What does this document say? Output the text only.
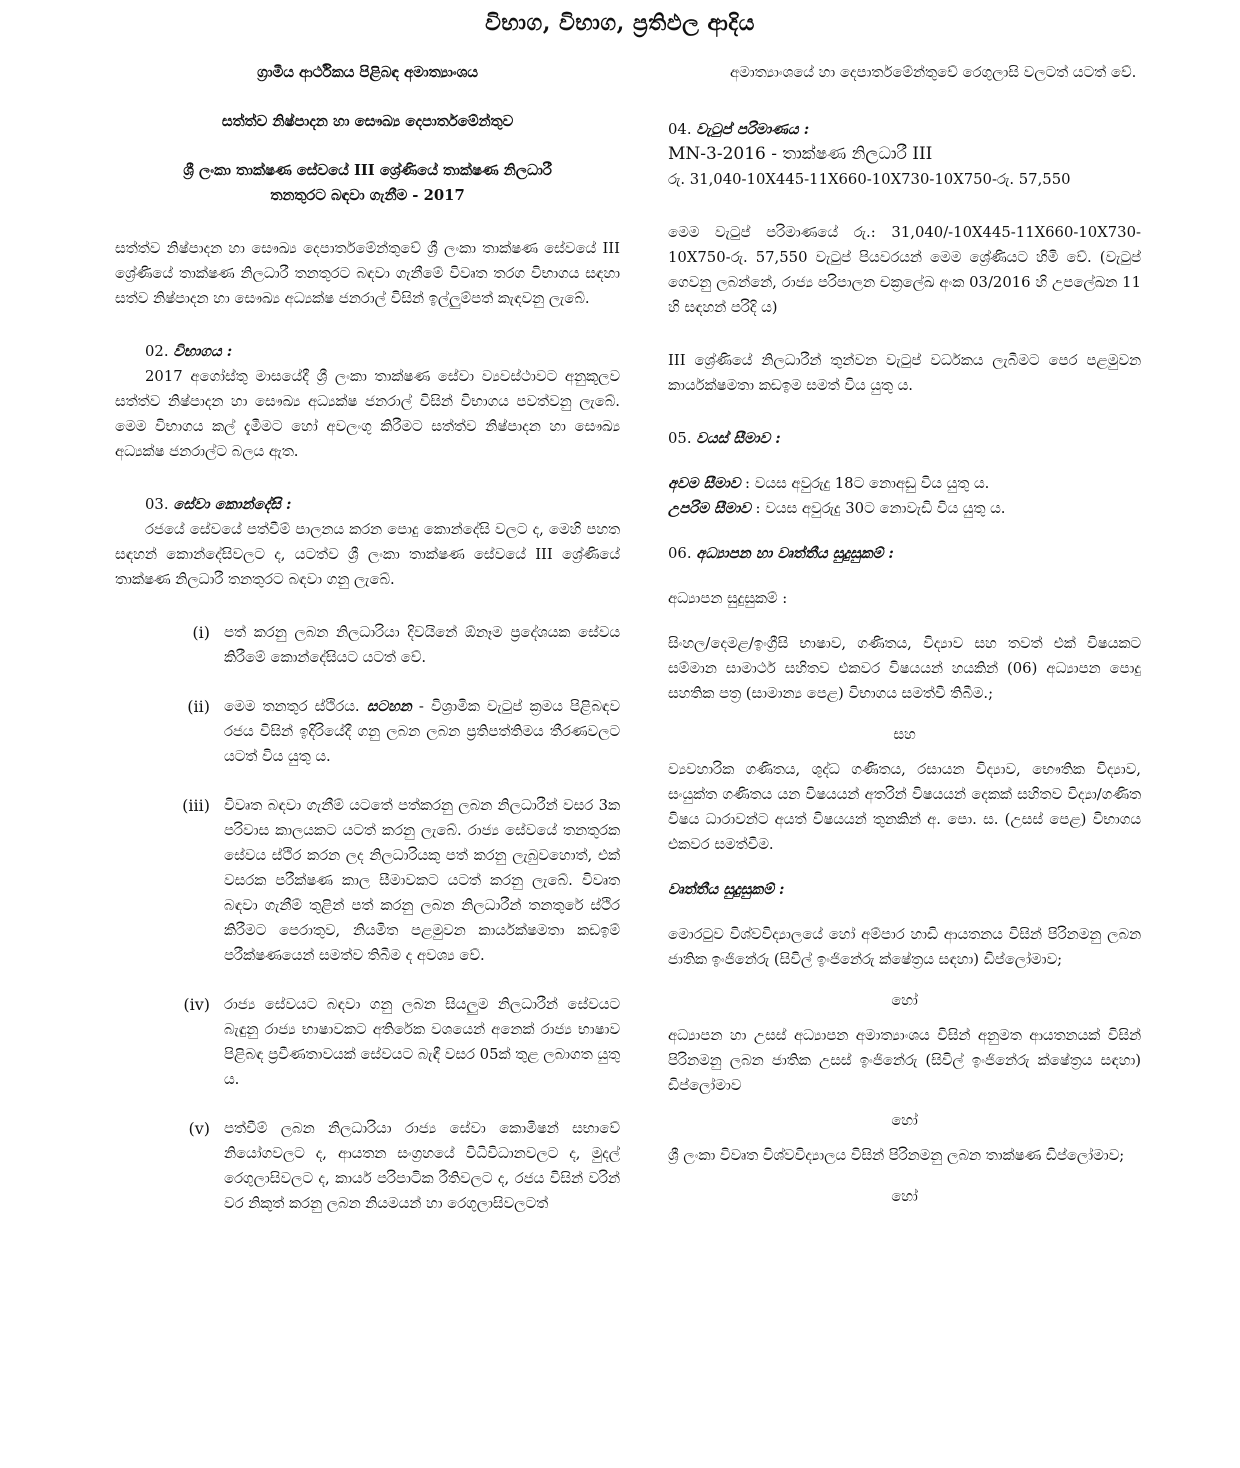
විභාග, විභාග, ප්‍රතිඵල ආදිය

ග්‍රාමීය ආර්ථිකය පිළිබඳ අමාත්‍යාංශය

සත්ත්ව නිෂ්පාදන හා සෞඛ්‍ය දෙපාර්තමේන්තුව

ශ්‍රී ලංකා තාක්ෂණ සේවයේ III ශ්‍රේණියේ තාක්ෂණ නිලධාරී

තනතුරට බඳවා ගැනීම - 2017

සත්ත්ව නිෂ්පාදන හා සෞඛ්‍ය දෙපාර්තමේන්තුවේ ශ්‍රී ලංකා තාක්ෂණ සේවයේ III ශ්‍රේණියේ තාක්ෂණ නිලධාරී තනතුරට බඳවා ගැනීමේ විවෘත තරග විභාගය සඳහා සත්ව නිෂ්පාදන හා සෞඛ්‍ය අධ්‍යක්ෂ ජනරාල් විසින් ඉල්ලුම්පත් කැඳවනු ලැබේ.

02. විභාගය :

2017 අගෝස්තු මාසයේදී ශ්‍රී ලංකා තාක්ෂණ සේවා ව්‍යවස්ථාවට අනුකූලව සත්ත්ව නිෂ්පාදන හා සෞඛ්‍ය අධ්‍යක්ෂ ජනරාල් විසින් විභාගය පවත්වනු ලැබේ. මෙම විභාගය කල් දැමීමට හෝ අවලංගු කිරීමට සත්ත්ව නිෂ්පාදන හා සෞඛ්‍ය අධ්‍යක්ෂ ජනරාල්ට බලය ඇත.

03. සේවා කොන්දේසි :

රජයේ සේවයේ පත්වීම් පාලනය කරන පොදු කොන්දේසි වලට ද, මෙහි පහත සඳහන් කොන්දේසිවලට ද, යටත්ව ශ්‍රී ලංකා තාක්ෂණ සේවයේ III ශ්‍රේණියේ තාක්ෂණ නිලධාරී තනතුරට බඳවා ගනු ලැබේ.

(i) පත් කරනු ලබන නිලධාරියා දිවයිනේ ඕනෑම ප්‍රදේශයක සේවය කිරීමේ කොන්දේසියට යටත් වේ.

(ii) මෙම තනතුර ස්ථිරය. සටහන - විශ්‍රාමික වැටුප් ක්‍රමය පිළිබඳව රජය විසින් ඉදිරියේදී ගනු ලබන ලබන ප්‍රතිපත්තිමය තීරණවලට යටත් විය යුතු ය.

(iii) විවෘත බඳවා ගැනීම් යටතේ පත්කරනු ලබන නිලධාරීන් වසර 3ක පරිවාස කාලයකට යටත් කරනු ලැබේ. රාජ්‍ය සේවයේ තනතුරක සේවය ස්ථිර කරන ලද නිලධාරියකු පත් කරනු ලැබුවහොත්, එක් වසරක පරීක්ෂණ කාල සීමාවකට යටත් කරනු ලැබේ. විවෘත බඳවා ගැනීම් තුළින් පත් කරනු ලබන නිලධාරීන් තනතුරේ ස්ථිර කිරීමට පෙරාතුව, නියමිත පළමුවන කාර්යක්ෂමතා කඩඉම් පරීක්ෂණයෙන් සමත්ව තිබීම ද අවශ්‍ය වේ.

(iv) රාජ්‍ය සේවයට බඳවා ගනු ලබන සියලුම නිලධාරීන් සේවයට බැඳුනු රාජ්‍ය භාෂාවකට අතිරේක වශයෙන් අනෙක් රාජ්‍ය භාෂාව පිළිබඳ ප්‍රවීණතාවයක් සේවයට බැඳී වසර 05ක් තුළ ලබාගත යුතු ය.

(v) පත්වීම් ලබන නිලධාරියා රාජ්‍ය සේවා කොමිෂන් සභාවේ නියෝගවලට ද, ආයතන සංග්‍රහයේ විධිවිධානවලට ද, මුදල් රෙගුලාසිවලට ද, කාර්ය පරිපාටික රීතිවලට ද, රජය විසින් වරින් වර නිකුත් කරනු ලබන නියමයන් හා රෙගුලාසිවලටත්

අමාත්‍යාංශයේ හා දෙපාර්තමේන්තුවේ රෙගුලාසි වලටත් යටත් වේ.

04. වැටුප් පරිමාණය :

MN-3-2016 - තාක්ෂණ නිලධාරී III

රු. 31,040-10X445-11X660-10X730-10X750-රු. 57,550

මෙම වැටුප් පරිමාණයේ රු.: 31,040/-10X445-11X660-10X730-10X750-රු. 57,550 වැටුප් පියවරයන් මෙම ශ්‍රේණියට හිමි වේ. (වැටුප් ගෙවනු ලබන්නේ, රාජ්‍ය පරිපාලන චක්‍රලේඛ අංක 03/2016 හි උපලේඛන 11 හි සඳහන් පරිදි ය)

III ශ්‍රේණියේ නිලධාරීන් තුන්වන වැටුප් වර්ධකය ලැබීමට පෙර පළමුවන කාර්යක්ෂමතා කඩඉම සමත් විය යුතු ය.

05. වයස් සීමාව :

අවම සීමාව : වයස අවුරුදු 18ට නොඅඩු විය යුතු ය.

උපරිම සීමාව : වයස අවුරුදු 30ට නොවැඩි විය යුතු ය.

06. අධ්‍යාපන හා වෘත්තීය සුදුසුකම් :

අධ්‍යාපන සුදුසුකම් :

සිංහල/දෙමළ/ඉංග්‍රීසි භාෂාව, ගණිතය, විද්‍යාව සහ තවත් එක් විෂයකට සම්මාන සාමාර්ථ සහිතව එකවර විෂයයන් හයකින් (06) අධ්‍යාපන පොදු සහතික පත්‍ර (සාමාන්‍ය පෙළ) විභාගය සමත්වී තිබීම.;

සහ

ව්‍යවහාරික ගණිතය, ශුද්ධ ගණිතය, රසායන විද්‍යාව, භෞතික විද්‍යාව, සංයුක්ත ගණිතය යන විෂයයන් අතරින් විෂයයන් දෙකක් සහිතව විද්‍යා/ගණිත විෂය ධාරාවන්ට අයත් විෂයයන් තුනකින් අ. පො. ස. (උසස් පෙළ) විභාගය එකවර සමත්වීම.

වෘත්තීය සුදුසුකම් :

මොරටුව විශ්වවිද්‍යාලයේ හෝ අම්පාර හාඩි ආයතනය විසින් පිරිනමනු ලබන ජාතික ඉංජිනේරු (සිවිල් ඉංජිනේරු ක්ෂේත්‍රය සඳහා) ඩිප්ලෝමාව;

හෝ

අධ්‍යාපන හා උසස් අධ්‍යාපන අමාත්‍යාංශය විසින් අනුමත ආයතනයක් විසින් පිරිනමනු ලබන ජාතික උසස් ඉංජිනේරු (සිවිල් ඉංජිනේරු ක්ෂේත්‍රය සඳහා) ඩිප්ලෝමාව

හෝ

ශ්‍රී ලංකා විවෘත විශ්වවිද්‍යාලය විසින් පිරිනමනු ලබන තාක්ෂණ ඩිප්ලෝමාව;

හෝ
